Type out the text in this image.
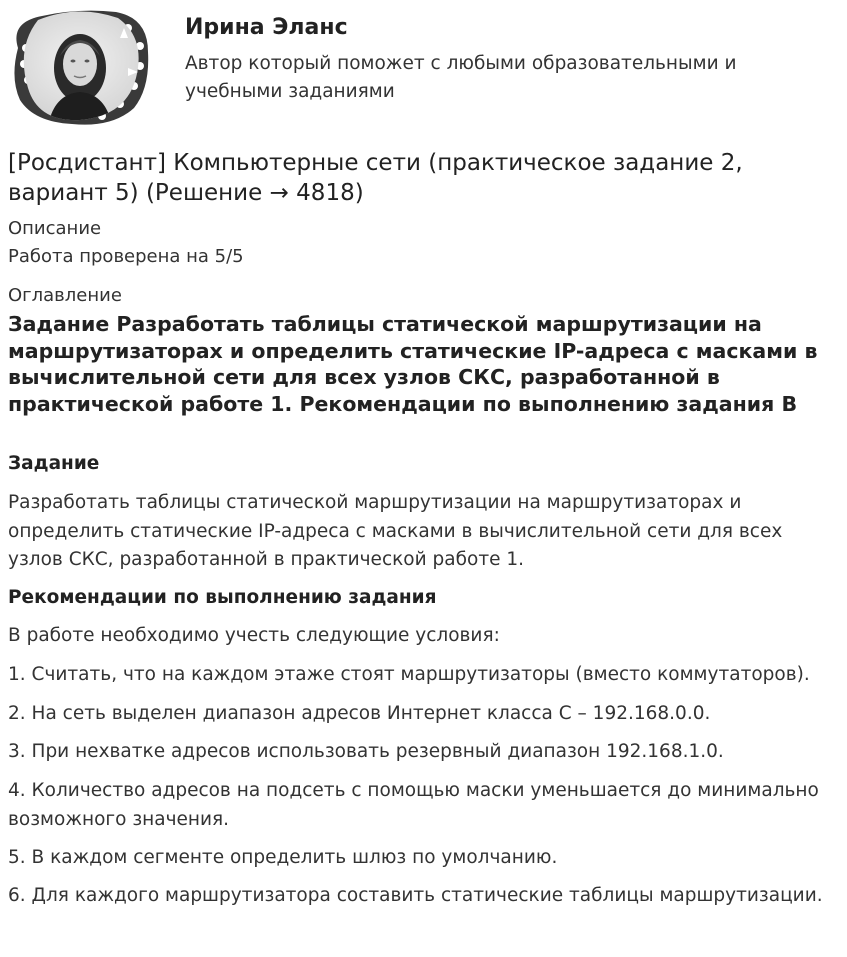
Ирина Эланс
Автор который поможет с любыми образовательными и учебными заданиями
[Росдистант] Компьютерные сети (практическое задание 2, вариант 5) (Решение → 4818)
Описание
Работа проверена на 5/5
Оглавление
Задание Разработать таблицы статической маршрутизации на маршрутизаторах и определить статические IP-адреса с масками в вычислительной сети для всех узлов СКС, разработанной в практической работе 1. Рекомендации по выполнению задания В
Задание

Разработать таблицы статической маршрутизации на маршрутизаторах и определить статические IP-адреса с масками в вычислительной сети для всех узлов СКС, разработанной в практической работе 1.

Рекомендации по выполнению задания

В работе необходимо учесть следующие условия:

1. Считать, что на каждом этаже стоят маршрутизаторы (вместо коммутаторов).

2. На сеть выделен диапазон адресов Интернет класса С – 192.168.0.0.

3. При нехватке адресов использовать резервный диапазон 192.168.1.0.

4. Количество адресов на подсеть с помощью маски уменьшается до минимально возможного значения.

5. В каждом сегменте определить шлюз по умолчанию.

6. Для каждого маршрутизатора составить статические таблицы маршрутизации.
